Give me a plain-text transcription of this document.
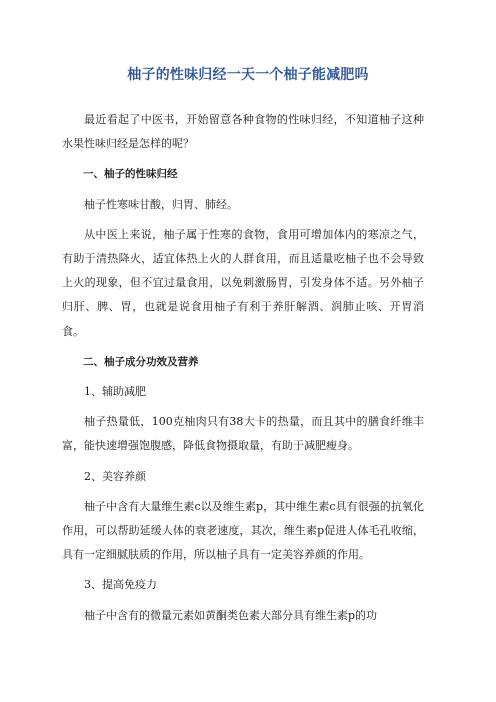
柚子的性味归经一天一个柚子能减肥吗

最近看起了中医书，开始留意各种食物的性味归经，不知道柚子这种水果性味归经是怎样的呢？

一、柚子的性味归经

柚子性寒味甘酸，归胃、肺经。

从中医上来说，柚子属于性寒的食物，食用可增加体内的寒凉之气，有助于清热降火，适宜体热上火的人群食用，而且适量吃柚子也不会导致上火的现象，但不宜过量食用，以免刺激肠胃，引发身体不适。另外柚子归肝、脾、胃，也就是说食用柚子有利于养肝解酒、润肺止咳、开胃消食。

二、柚子成分功效及营养

1、辅助减肥

柚子热量低，100克柚肉只有38大卡的热量，而且其中的膳食纤维丰富，能快速增强饱腹感，降低食物摄取量，有助于减肥瘦身。

2、美容养颜

柚子中含有大量维生素c以及维生素p，其中维生素c具有很强的抗氧化作用，可以帮助延缓人体的衰老速度，其次，维生素p促进人体毛孔收缩，具有一定细腻肤质的作用，所以柚子具有一定美容养颜的作用。

3、提高免疫力

柚子中含有的微量元素如黄酮类色素大部分具有维生素p的功
